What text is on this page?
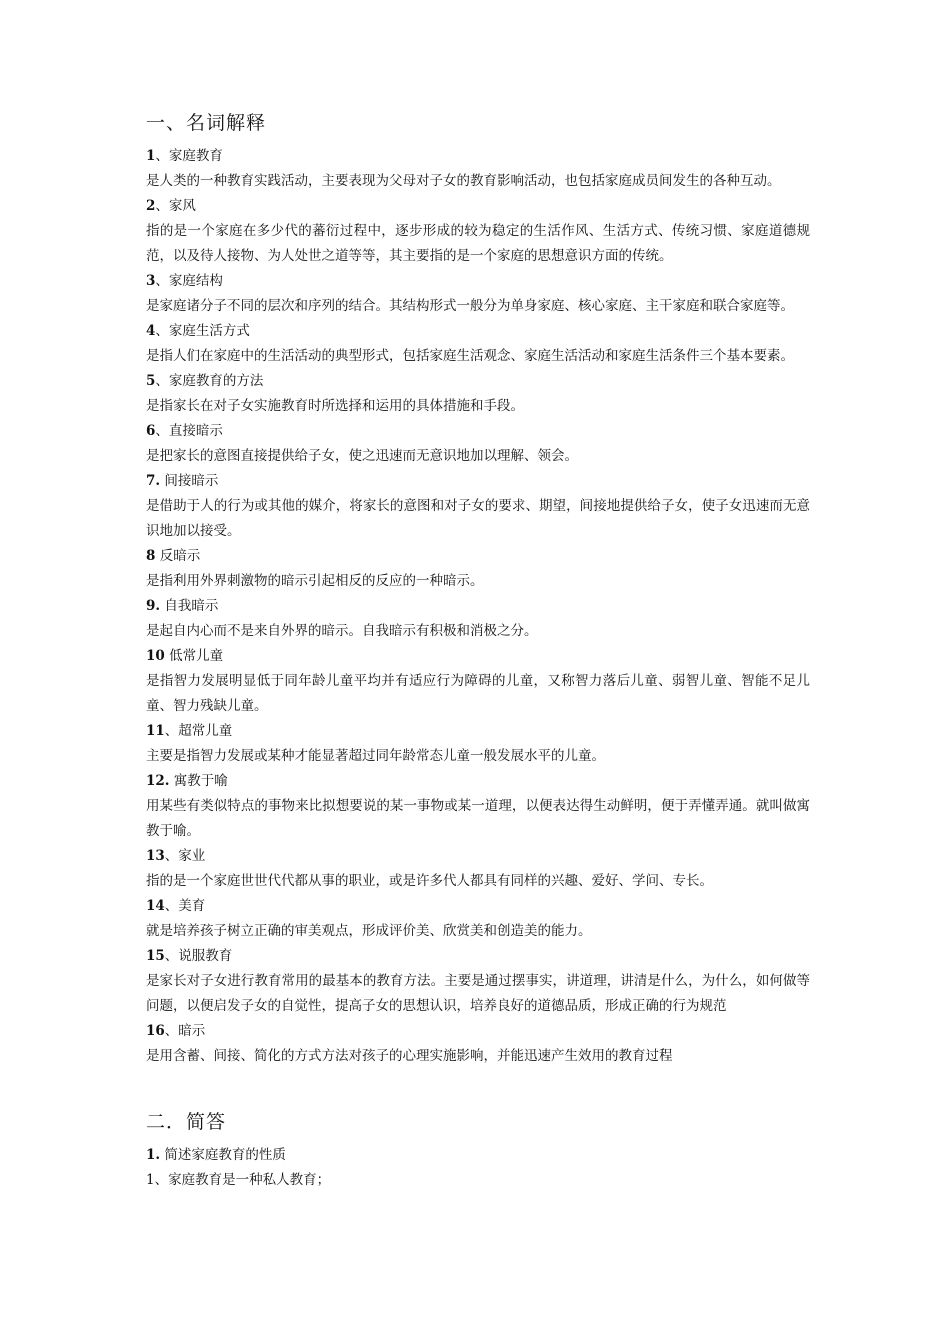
一、名词解释

1、家庭教育

是人类的一种教育实践活动，主要表现为父母对子女的教育影响活动，也包括家庭成员间发生的各种互动。

2、家风

指的是一个家庭在多少代的蕃衍过程中，逐步形成的较为稳定的生活作风、生活方式、传统习惯、家庭道德规范，以及待人接物、为人处世之道等等，其主要指的是一个家庭的思想意识方面的传统。

3、家庭结构

是家庭诸分子不同的层次和序列的结合。其结构形式一般分为单身家庭、核心家庭、主干家庭和联合家庭等。

4、家庭生活方式

是指人们在家庭中的生活活动的典型形式，包括家庭生活观念、家庭生活活动和家庭生活条件三个基本要素。

5、家庭教育的方法

是指家长在对子女实施教育时所选择和运用的具体措施和手段。

6、直接暗示

是把家长的意图直接提供给子女，使之迅速而无意识地加以理解、领会。

7. 间接暗示

是借助于人的行为或其他的媒介，将家长的意图和对子女的要求、期望，间接地提供给子女，使子女迅速而无意识地加以接受。

8 反暗示

是指利用外界刺激物的暗示引起相反的反应的一种暗示。

9. 自我暗示

是起自内心而不是来自外界的暗示。自我暗示有积极和消极之分。

10 低常儿童

是指智力发展明显低于同年龄儿童平均并有适应行为障碍的儿童，又称智力落后儿童、弱智儿童、智能不足儿童、智力残缺儿童。

11、超常儿童

主要是指智力发展或某种才能显著超过同年龄常态儿童一般发展水平的儿童。

12. 寓教于喻

用某些有类似特点的事物来比拟想要说的某一事物或某一道理，以便表达得生动鲜明，便于弄懂弄通。就叫做寓教于喻。

13、家业

指的是一个家庭世世代代都从事的职业，或是许多代人都具有同样的兴趣、爱好、学问、专长。

14、美育

就是培养孩子树立正确的审美观点，形成评价美、欣赏美和创造美的能力。

15、说服教育

是家长对子女进行教育常用的最基本的教育方法。主要是通过摆事实，讲道理，讲清是什么，为什么，如何做等问题，以便启发子女的自觉性，提高子女的思想认识，培养良好的道德品质，形成正确的行为规范

16、暗示

是用含蓄、间接、简化的方式方法对孩子的心理实施影响，并能迅速产生效用的教育过程

二．简答

1. 简述家庭教育的性质

1、家庭教育是一种私人教育；
